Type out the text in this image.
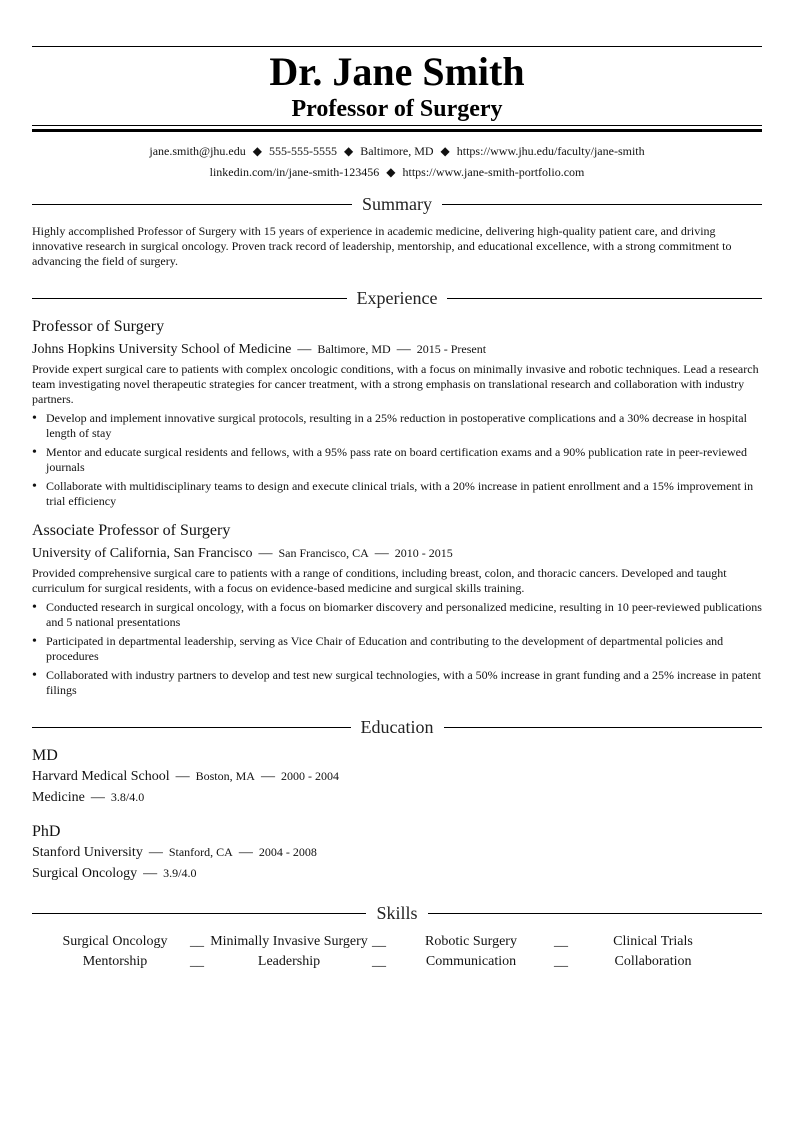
Dr. Jane Smith
Professor of Surgery
jane.smith@jhu.edu ◆ 555-555-5555 ◆ Baltimore, MD ◆ https://www.jhu.edu/faculty/jane-smith
linkedin.com/in/jane-smith-123456 ◆ https://www.jane-smith-portfolio.com
Summary
Highly accomplished Professor of Surgery with 15 years of experience in academic medicine, delivering high-quality patient care, and driving innovative research in surgical oncology. Proven track record of leadership, mentorship, and educational excellence, with a strong commitment to advancing the field of surgery.
Experience
Professor of Surgery
Johns Hopkins University School of Medicine — Baltimore, MD — 2015 - Present
Provide expert surgical care to patients with complex oncologic conditions, with a focus on minimally invasive and robotic techniques. Lead a research team investigating novel therapeutic strategies for cancer treatment, with a strong emphasis on translational research and collaboration with industry partners.
• Develop and implement innovative surgical protocols, resulting in a 25% reduction in postoperative complications and a 30% decrease in hospital length of stay
• Mentor and educate surgical residents and fellows, with a 95% pass rate on board certification exams and a 90% publication rate in peer-reviewed journals
• Collaborate with multidisciplinary teams to design and execute clinical trials, with a 20% increase in patient enrollment and a 15% improvement in trial efficiency
Associate Professor of Surgery
University of California, San Francisco — San Francisco, CA — 2010 - 2015
Provided comprehensive surgical care to patients with a range of conditions, including breast, colon, and thoracic cancers. Developed and taught curriculum for surgical residents, with a focus on evidence-based medicine and surgical skills training.
• Conducted research in surgical oncology, with a focus on biomarker discovery and personalized medicine, resulting in 10 peer-reviewed publications and 5 national presentations
• Participated in departmental leadership, serving as Vice Chair of Education and contributing to the development of departmental policies and procedures
• Collaborated with industry partners to develop and test new surgical technologies, with a 50% increase in grant funding and a 25% increase in patent filings
Education
MD
Harvard Medical School — Boston, MA — 2000 - 2004
Medicine — 3.8/4.0
PhD
Stanford University — Stanford, CA — 2004 - 2008
Surgical Oncology — 3.9/4.0
Skills
Surgical Oncology	__ Minimally Invasive Surgery __	Robotic Surgery	__	Clinical Trials
Mentorship	__	Leadership	__	Communication	__	Collaboration
